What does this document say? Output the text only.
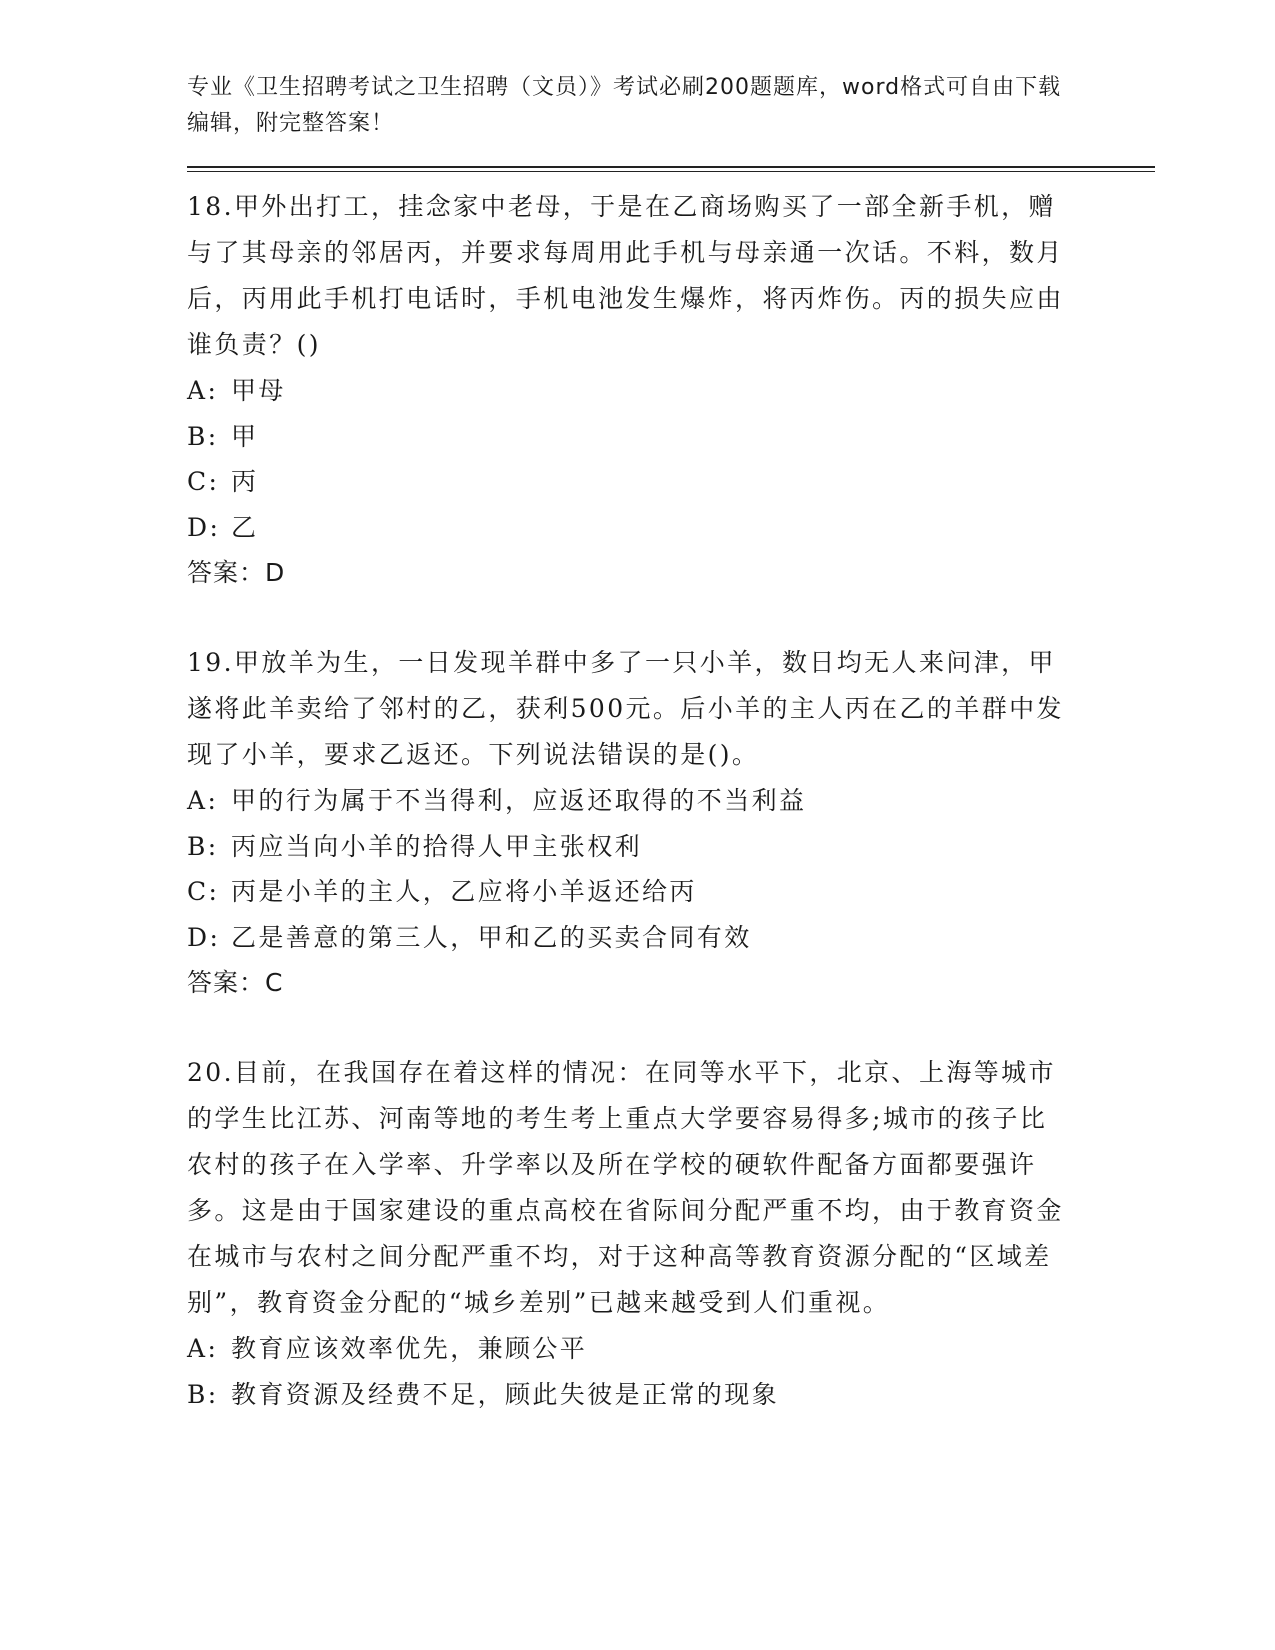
专业《卫生招聘考试之卫生招聘（文员）》考试必刷200题题库，word格式可自由下载编辑，附完整答案！

18.甲外出打工，挂念家中老母，于是在乙商场购买了一部全新手机，赠与了其母亲的邻居丙，并要求每周用此手机与母亲通一次话。不料，数月后，丙用此手机打电话时，手机电池发生爆炸，将丙炸伤。丙的损失应由谁负责？()

A: 甲母

B: 甲

C: 丙

D: 乙

答案：D

19.甲放羊为生，一日发现羊群中多了一只小羊，数日均无人来问津，甲遂将此羊卖给了邻村的乙，获利500元。后小羊的主人丙在乙的羊群中发现了小羊，要求乙返还。下列说法错误的是()。

A: 甲的行为属于不当得利，应返还取得的不当利益

B: 丙应当向小羊的拾得人甲主张权利

C: 丙是小羊的主人，乙应将小羊返还给丙

D: 乙是善意的第三人，甲和乙的买卖合同有效

答案：C

20.目前，在我国存在着这样的情况：在同等水平下，北京、上海等城市的学生比江苏、河南等地的考生考上重点大学要容易得多;城市的孩子比农村的孩子在入学率、升学率以及所在学校的硬软件配备方面都要强许多。这是由于国家建设的重点高校在省际间分配严重不均，由于教育资金在城市与农村之间分配严重不均，对于这种高等教育资源分配的“区域差别”，教育资金分配的“城乡差别”已越来越受到人们重视。

A: 教育应该效率优先，兼顾公平

B: 教育资源及经费不足，顾此失彼是正常的现象
